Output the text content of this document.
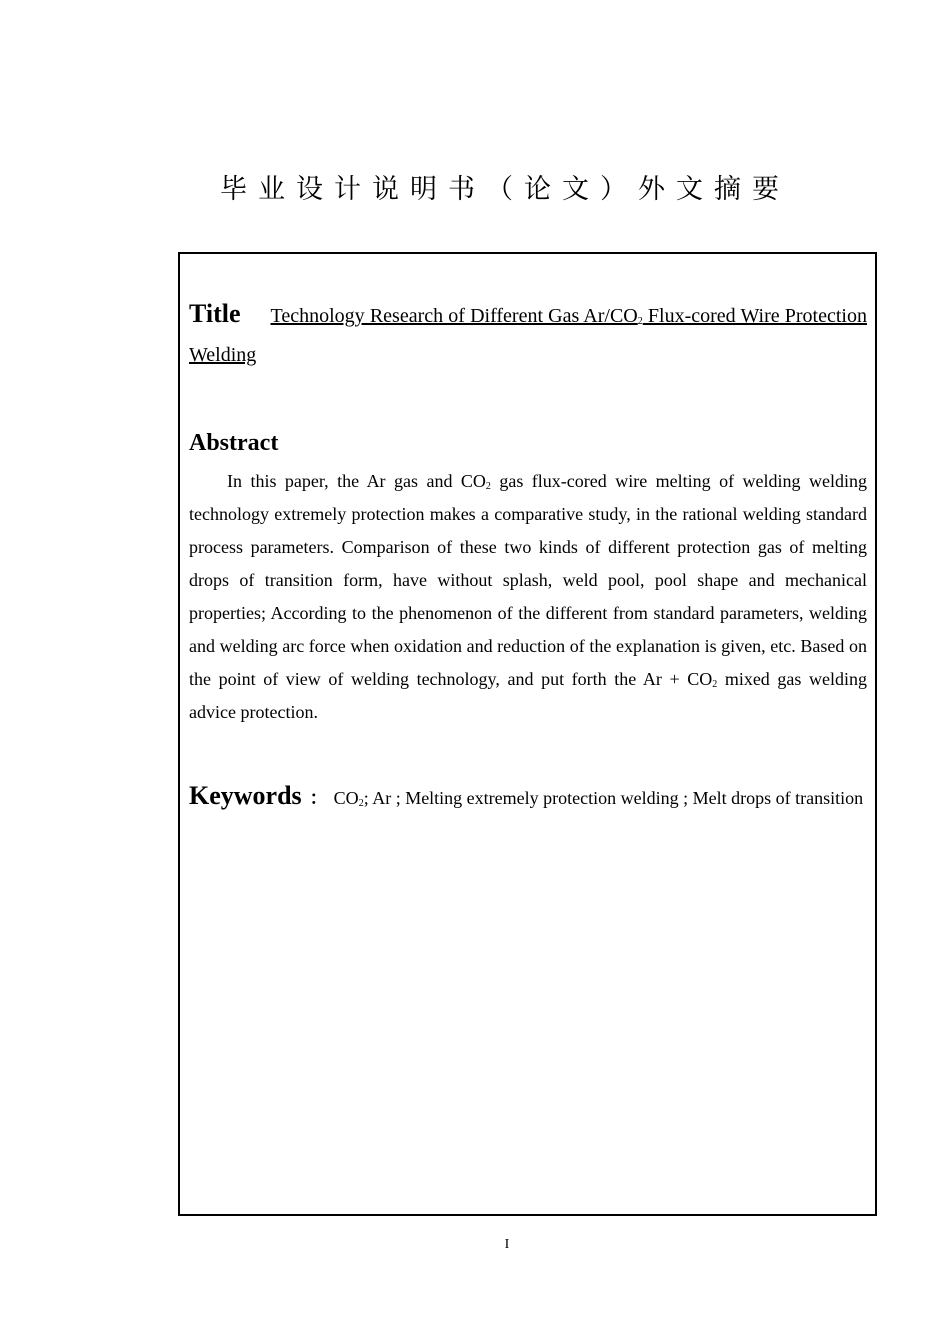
毕业设计说明书（论文）外文摘要
Title Technology Research of Different Gas $Ar/CO_2$ Flux-cored Wire Protection Welding
Abstract
In this paper, the Ar gas and $CO_2$ gas flux-cored wire melting of welding welding technology extremely protection makes a comparative study, in the rational welding standard process parameters. Comparison of these two kinds of different protection gas of melting drops of transition form, have without splash, weld pool, pool shape and mechanical properties; According to the phenomenon of the different from standard parameters, welding and welding arc force when oxidation and reduction of the explanation is given, etc. Based on the point of view of welding technology, and put forth the $Ar + CO_2$ mixed gas welding advice protection.
Keywords ： $CO_2$; Ar ; Melting extremely protection welding ; Melt drops of transition
I
